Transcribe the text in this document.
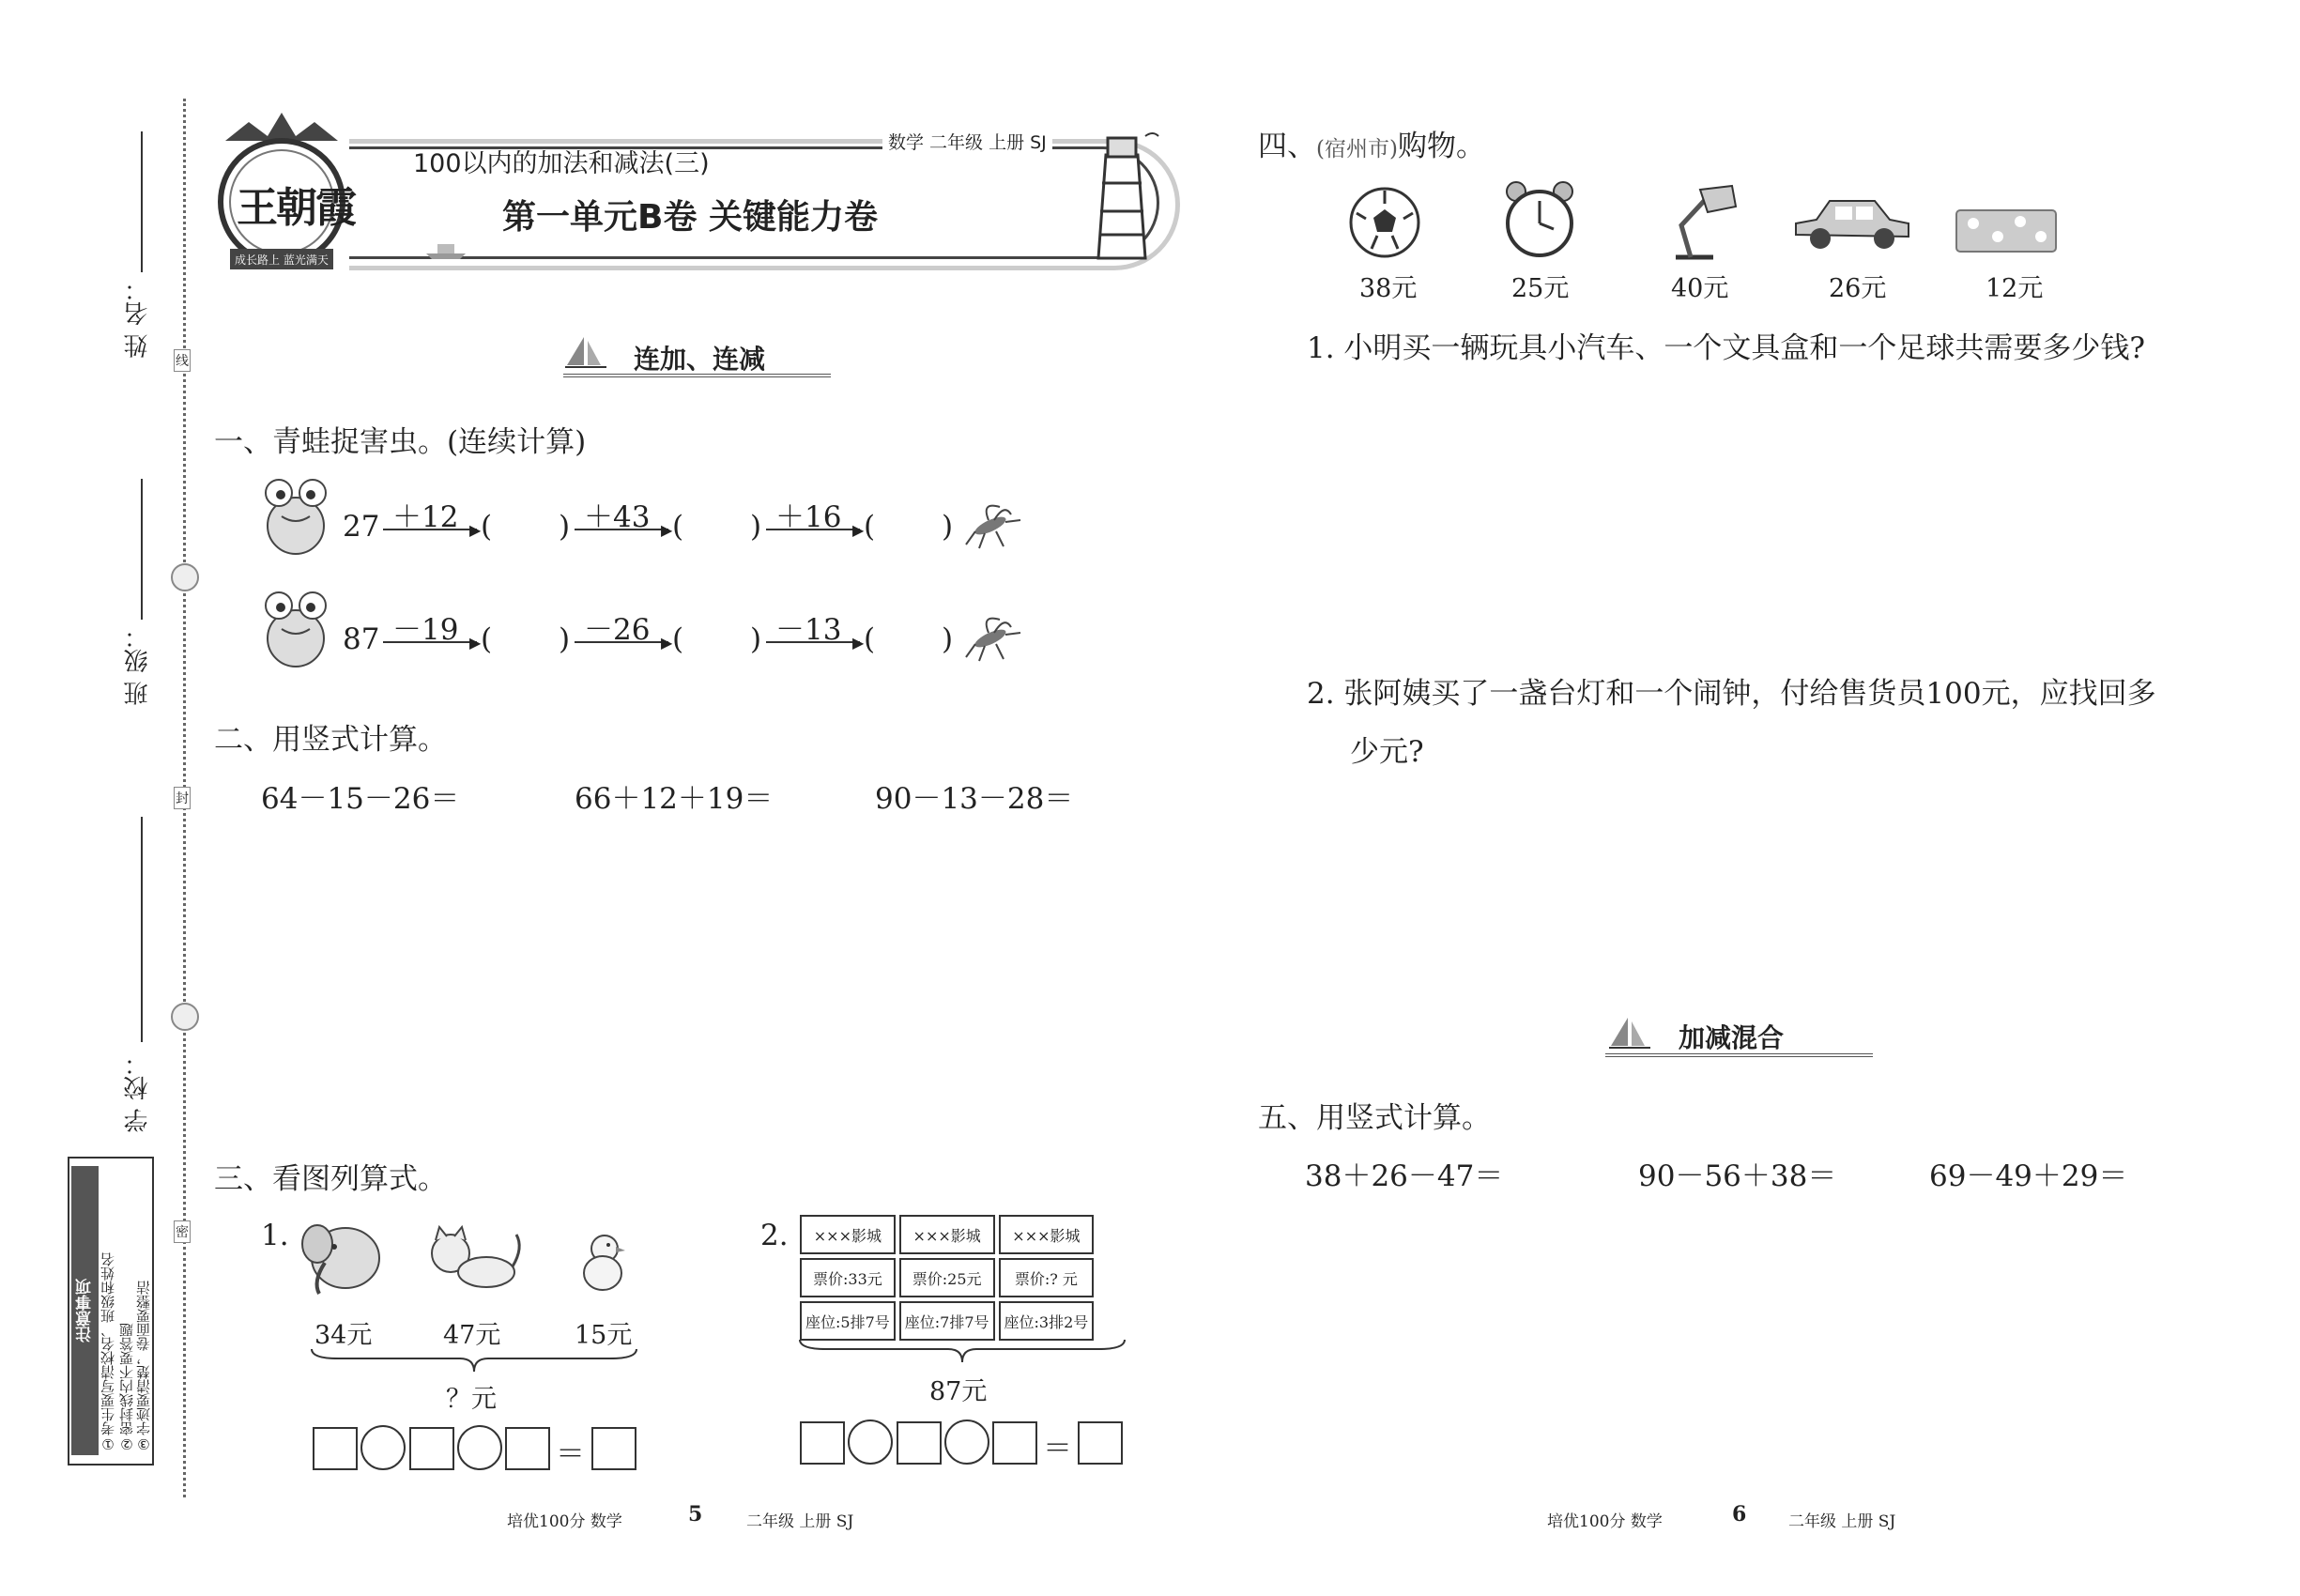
姓 名：
班 级：
学 校：
线
封
密
注意事项 ①考生要写清校名、班级和姓名 ②密封线内不要答题 ③字迹要清楚，卷面要整洁
王朝霞
成长路上 蓝光满天
100以内的加法和减法(三)
数学 二年级 上册 SJ
第一单元B卷 关键能力卷
连加、连减
一、青蛙捉害虫。(连续计算)
27 ＋12 ▶ ( ) ＋43 ▶ ( ) ＋16 ▶ ( )
87 －19 ▶ ( ) －26 ▶ ( ) －13 ▶ ( )
二、用竖式计算。
64－15－26＝	66＋12＋19＝	90－13－28＝
三、看图列算式。
1.
34元	47元	15元
？元
＝
2. ×××影城	×××影城	×××影城
票价:33元	票价:25元	票价:? 元
座位:5排7号	座位:7排7号	座位:3排2号
87元
＝
培优100分 数学	5	二年级 上册 SJ
四、(宿州市)购物。
38元	25元	40元	26元	12元
1. 小明买一辆玩具小汽车、一个文具盒和一个足球共需要多少钱?
2. 张阿姨买了一盏台灯和一个闹钟，付给售货员100元，应找回多
少元?
加减混合
五、用竖式计算。
38＋26－47＝	90－56＋38＝	69－49＋29＝
培优100分 数学	6	二年级 上册 SJ
